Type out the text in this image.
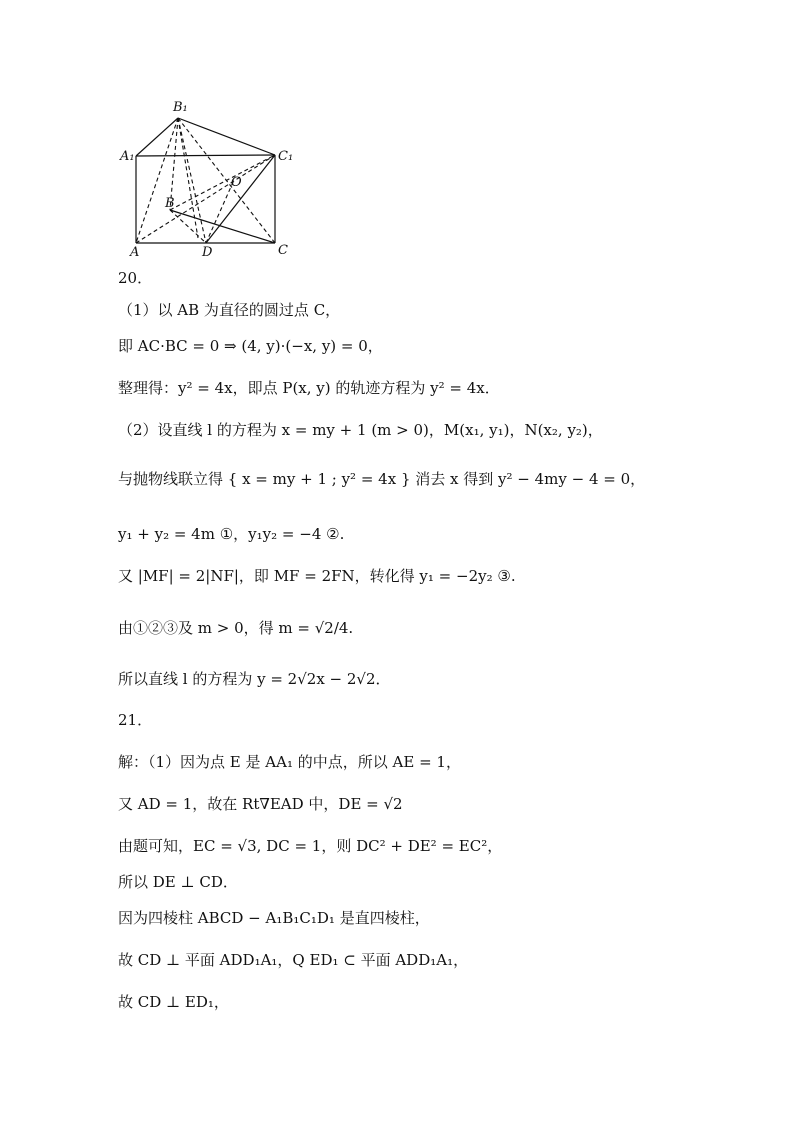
B₁
A₁	C₁
O
B
A	D	C
20．
（1）以 AB 为直径的圆过点 C，
即 AC·BC = 0 ⇒ (4, y)·(−x, y) = 0，
整理得：y² = 4x，即点 P(x, y) 的轨迹方程为 y² = 4x．
（2）设直线 l 的方程为 x = my + 1 (m > 0)，M(x₁, y₁)，N(x₂, y₂)，
与抛物线联立得 { x = my + 1 ; y² = 4x } 消去 x 得到 y² − 4my − 4 = 0，
y₁ + y₂ = 4m ①，y₁y₂ = −4 ②.
又 |MF| = 2|NF|，即 MF = 2FN，转化得 y₁ = −2y₂ ③.
由①②③及 m > 0，得 m = √2/4.
所以直线 l 的方程为 y = 2√2x − 2√2．
21．
解：（1）因为点 E 是 AA₁ 的中点，所以 AE = 1，
又 AD = 1，故在 Rt∇EAD 中，DE = √2
由题可知，EC = √3, DC = 1，则 DC² + DE² = EC²，
所以 DE ⊥ CD．
因为四棱柱 ABCD − A₁B₁C₁D₁ 是直四棱柱，
故 CD ⊥ 平面 ADD₁A₁，Q ED₁ ⊂ 平面 ADD₁A₁，
故 CD ⊥ ED₁，
